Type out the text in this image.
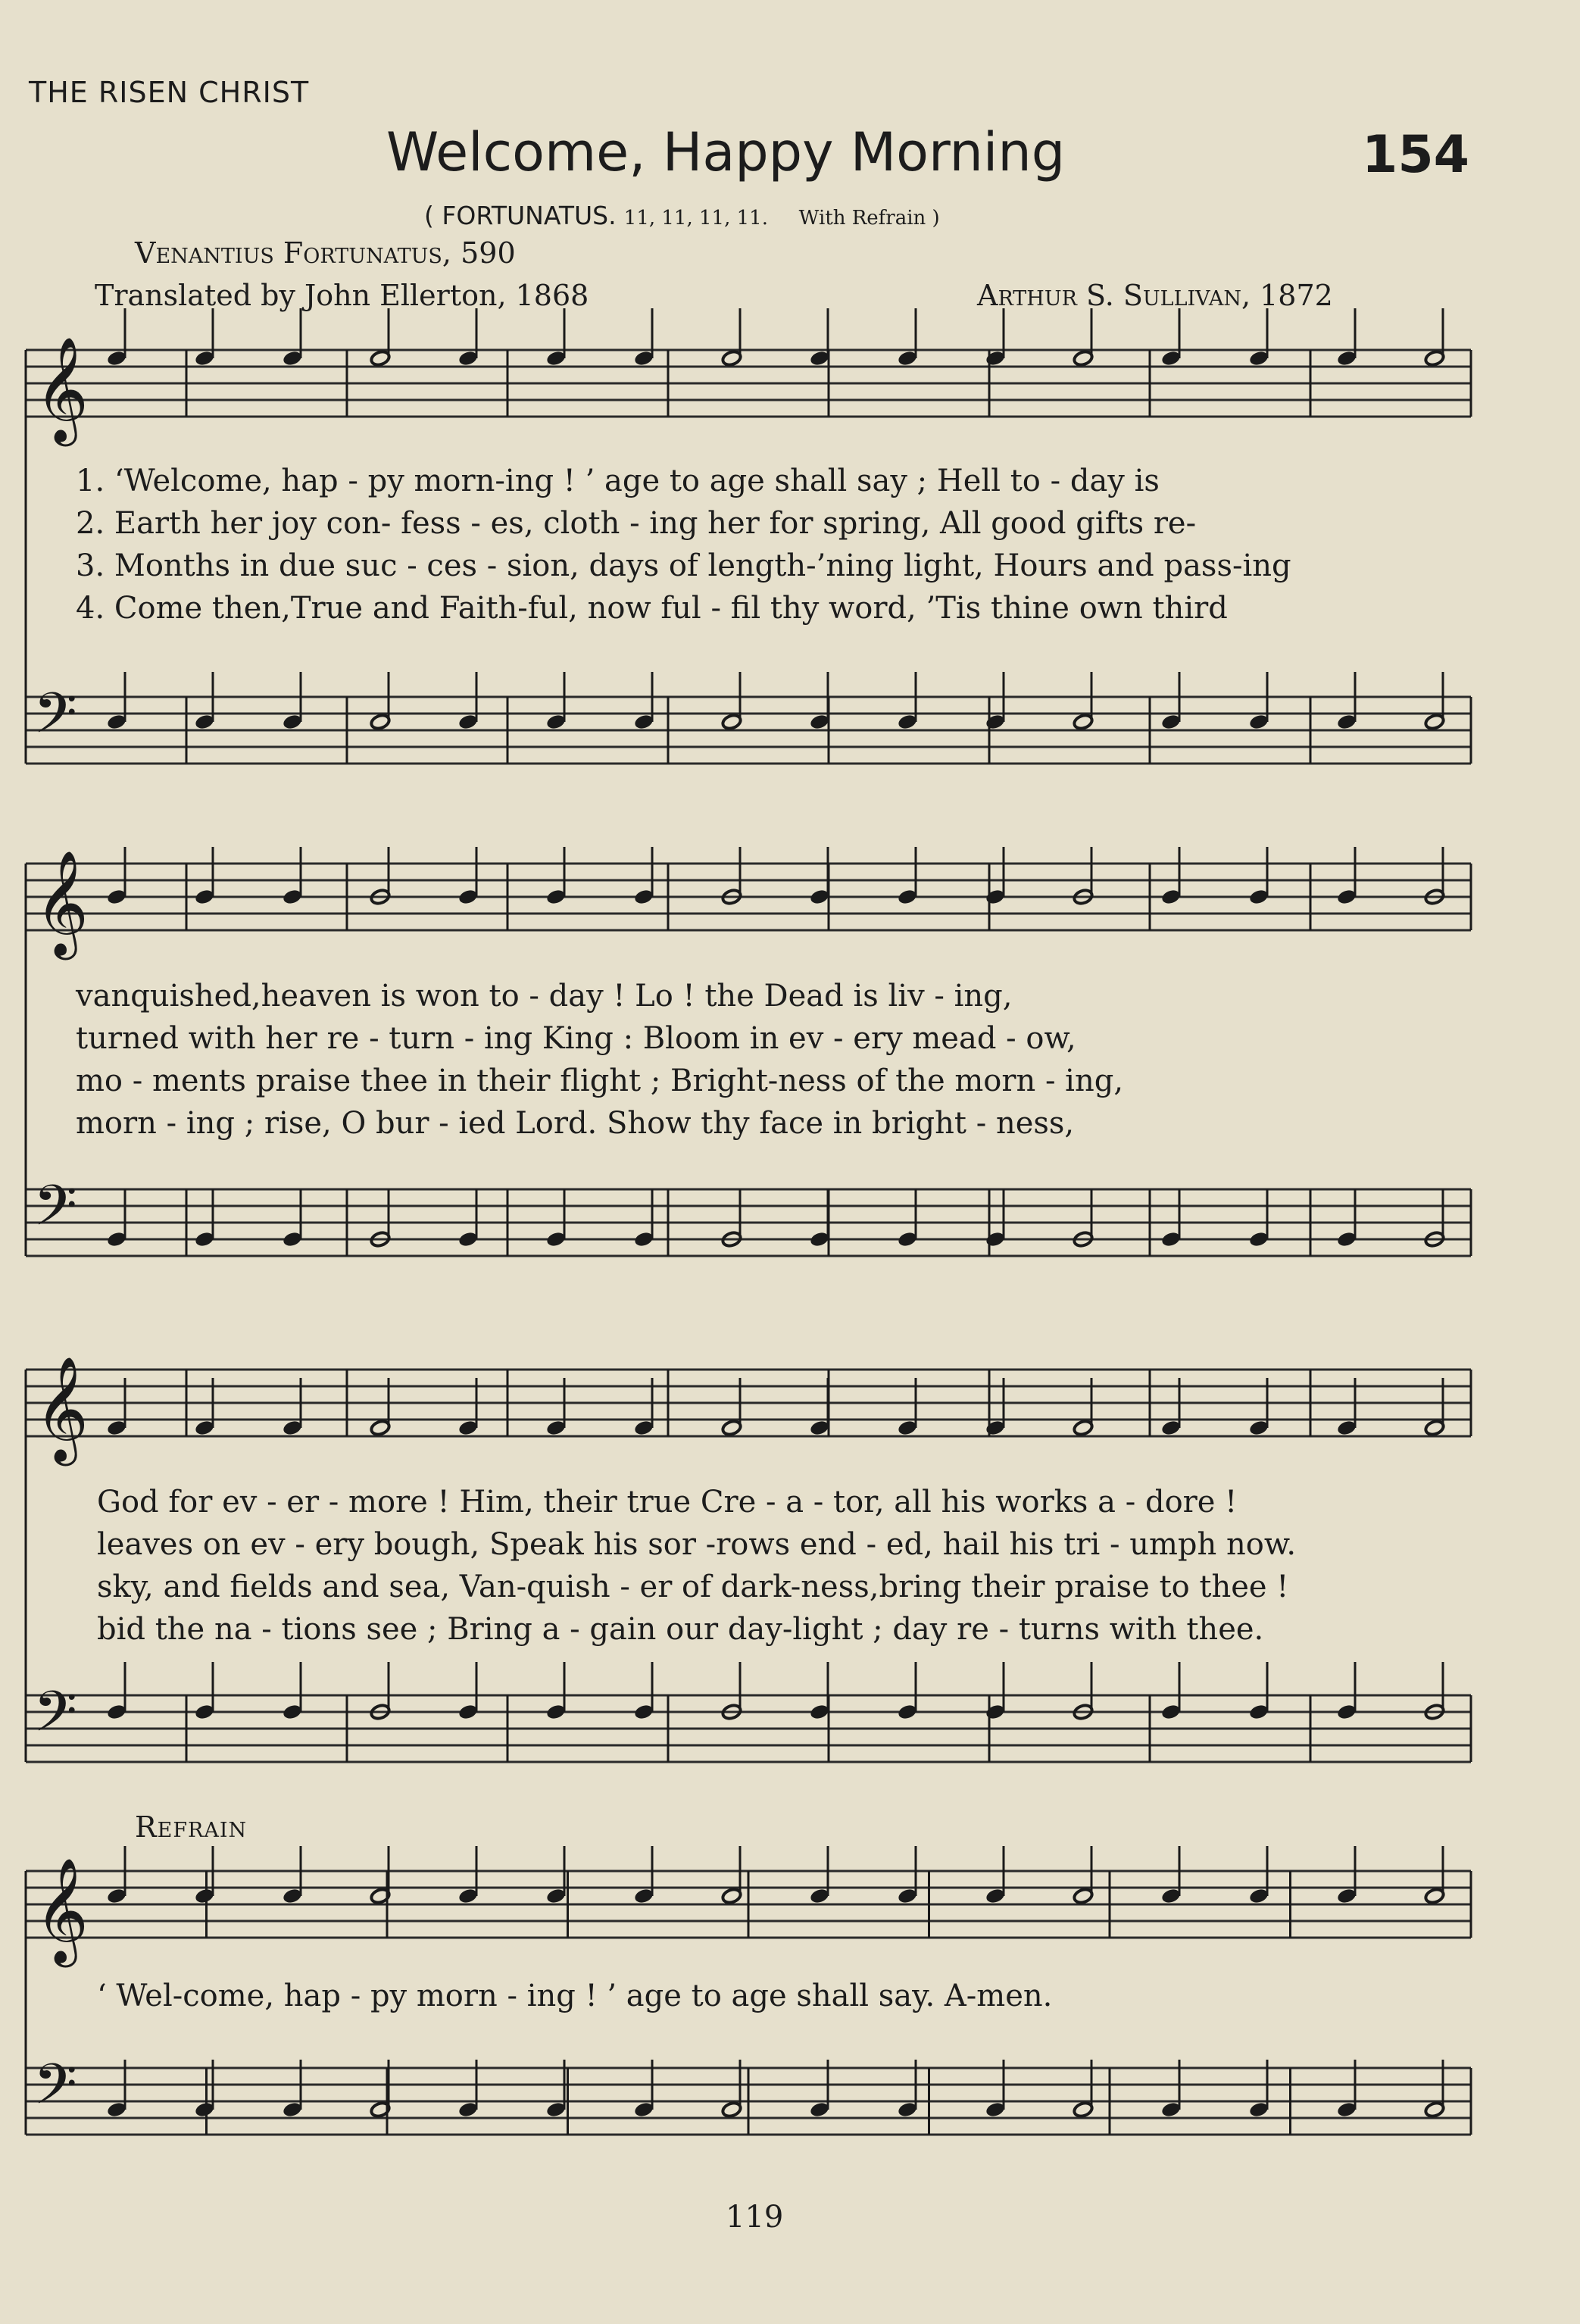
THE RISEN CHRIST
Welcome, Happy Morning	154
( FORTUNATUS. 11, 11, 11, 11. With Refrain )
Venantius Fortunatus, 590
Translated by John Ellerton, 1868	Arthur S. Sullivan, 1872
Refrain
119
𝄞
𝄢
𝄞
𝄢
𝄞
𝄢
𝄞
𝄢
1. ‘Welcome, hap - py morn-ing ! ’ age to age shall say ; Hell to - day is
2. Earth her joy con- fess - es, cloth - ing her for spring, All good gifts re-
3. Months in due suc - ces - sion, days of length-’ning light, Hours and pass-ing
4. Come then,True and Faith-ful, now ful - fil thy word, ’Tis thine own third
vanquished,heaven is won to - day ! Lo ! the Dead is liv - ing,
turned with her re - turn - ing King : Bloom in ev - ery mead - ow,
mo - ments praise thee in their flight ; Bright-ness of the morn - ing,
morn - ing ; rise, O bur - ied Lord. Show thy face in bright - ness,
God for ev - er - more ! Him, their true Cre - a - tor, all his works a - dore !
leaves on ev - ery bough, Speak his sor -rows end - ed, hail his tri - umph now.
sky, and fields and sea, Van-quish - er of dark-ness,bring their praise to thee !
bid the na - tions see ; Bring a - gain our day-light ; day re - turns with thee.
‘ Wel-come, hap - py morn - ing ! ’ age to age shall say. A-men.
